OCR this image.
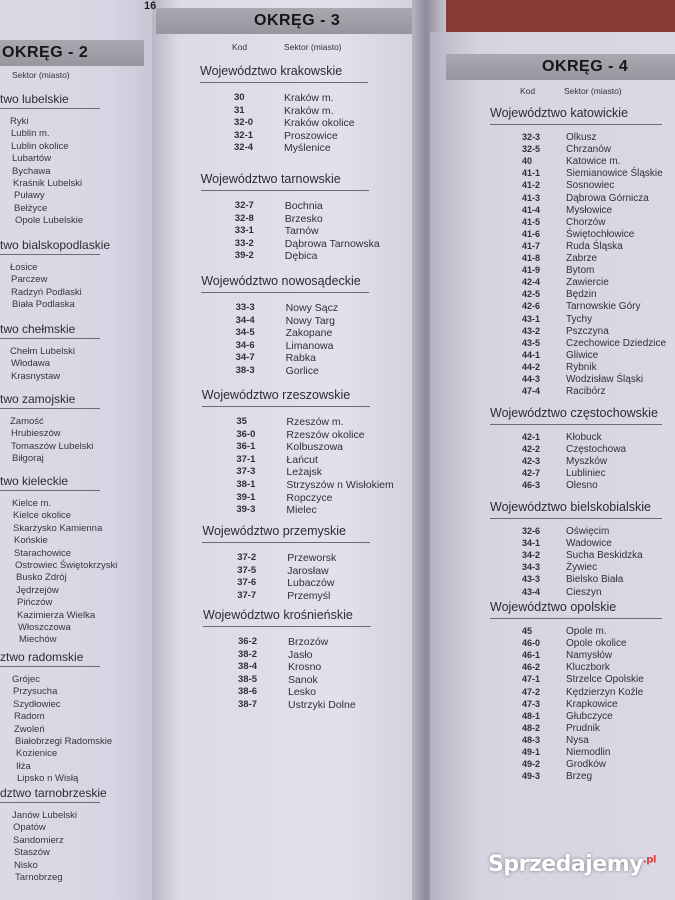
OKRĘG - 2
Sektor (miasto)
two lubelskie
Ryki
Lublin m.
Lublin okolice
Lubartów
Bychawa
Kraśnik Lubelski
Puławy
Bełżyce
Opole Lubelskie
two bialskopodlaskie
Łosice
Parczew
Radzyń Podlaski
Biała Podlaska
two chełmskie
Chełm Lubelski
Włodawa
Krasnystaw
two zamojskie
Zamość
Hrubieszów
Tomaszów Lubelski
Biłgoraj
two kieleckie
Kielce m.
Kielce okolice
Skarżysko Kamienna
Końskie
Starachowice
Ostrowiec Świętokrzyski
Busko Zdrój
Jędrzejów
Pińczów
Kazimierza Wielka
Włoszczowa
Miechów
ztwo radomskie
Grójec
Przysucha
Szydłowiec
Radom
Zwoleń
Białobrzegi Radomskie
Kozienice
Iłża
Lipsko n Wisłą
dztwo tarnobrzeskie
Janów Lubelski
Opatów
Sandomierz
Staszów
Nisko
Tarnobrzeg
16
OKRĘG - 3
Kod	Sektor (miasto)
Województwo krakowskie
30	Kraków m.
31	Kraków m.
32-0	Kraków okolice
32-1	Proszowice
32-4	Myślenice
Województwo tarnowskie
32-7	Bochnia
32-8	Brzesko
33-1	Tarnów
33-2	Dąbrowa Tarnowska
39-2	Dębica
Województwo nowosądeckie
33-3	Nowy Sącz
34-4	Nowy Targ
34-5	Zakopane
34-6	Limanowa
34-7	Rabka
38-3	Gorlice
Województwo rzeszowskie
35	Rzeszów m.
36-0	Rzeszów okolice
36-1	Kolbuszowa
37-1	Łańcut
37-3	Leżajsk
38-1	Strzyszów n Wisłokiem
39-1	Ropczyce
39-3	Mielec
Województwo przemyskie
37-2	Przeworsk
37-5	Jarosław
37-6	Lubaczów
37-7	Przemyśl
Województwo krośnieńskie
36-2	Brzozów
38-2	Jasło
38-4	Krosno
38-5	Sanok
38-6	Lesko
38-7	Ustrzyki Dolne
OKRĘG - 4
Kod	Sektor (miasto)
Województwo katowickie
32-3	Olkusz
32-5	Chrzanów
40	Katowice m.
41-1	Siemianowice Śląskie
41-2	Sosnowiec
41-3	Dąbrowa Górnicza
41-4	Mysłowice
41-5	Chorzów
41-6	Świętochłowice
41-7	Ruda Śląska
41-8	Zabrze
41-9	Bytom
42-4	Zawiercie
42-5	Będzin
42-6	Tarnowskie Góry
43-1	Tychy
43-2	Pszczyna
43-5	Czechowice Dziedzice
44-1	Gliwice
44-2	Rybnik
44-3	Wodzisław Śląski
47-4	Racibórz
Województwo częstochowskie
42-1	Kłobuck
42-2	Częstochowa
42-3	Myszków
42-7	Lubliniec
46-3	Olesno
Województwo bielskobialskie
32-6	Oświęcim
34-1	Wadowice
34-2	Sucha Beskidzka
34-3	Żywiec
43-3	Bielsko Biała
43-4	Cieszyn
Województwo opolskie
45	Opole m.
46-0	Opole okolice
46-1	Namysłów
46-2	Kluczbork
47-1	Strzelce Opolskie
47-2	Kędzierzyn Koźle
47-3	Krapkowice
48-1	Głubczyce
48-2	Prudnik
48-3	Nysa
49-1	Niemodlin
49-2	Grodków
49-3	Brzeg
Sprzedajemy$^{.pl}$
